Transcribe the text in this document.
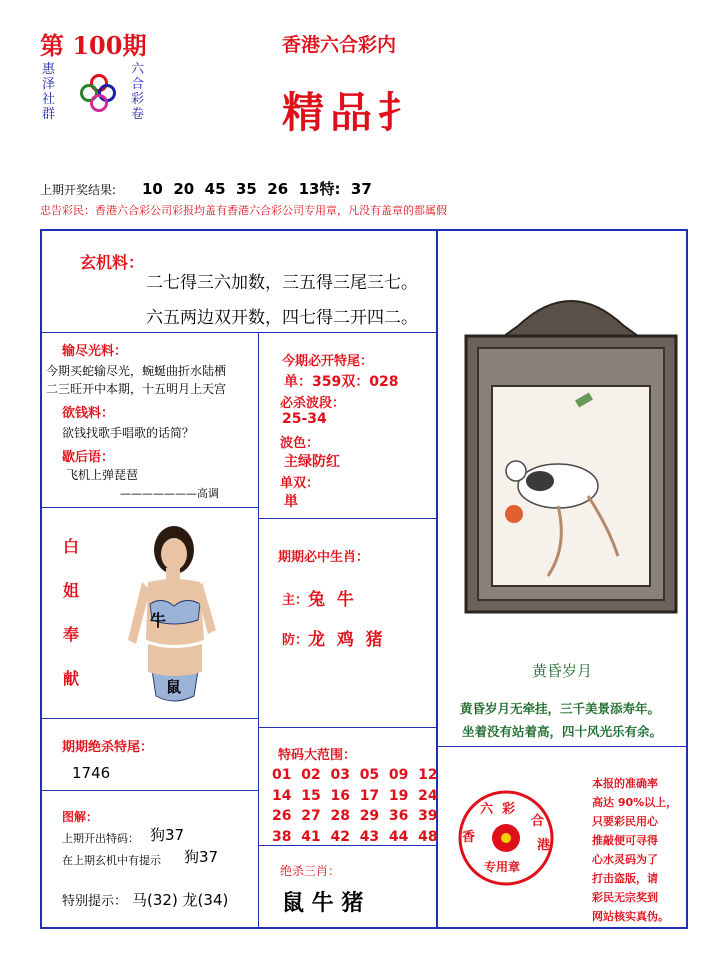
第 100期
惠
泽
社
群
六
合
彩
卷
香港六合彩内
精品扌
上期开奖结果: 10  20  45  35  26  13特:  37
忠告彩民：香港六合彩公司彩报均盖有香港六合彩公司专用章，凡没有盖章的都属假
玄机料：
二七得三六加数，三五得三尾三七。
六五两边双开数，四七得二开四二。
输尽光料：
今期买蛇输尽光，蜿蜒曲折水陆栖
二三旺开中本期，十五明月上天宫
欲钱料：
欲钱找歌手唱歌的话简？
歇后语：
飞机上弹琵琶
———————高调
白
姐
奉
献
牛
鼠
今期必开特尾：
单：359双：028
必杀波段：
25-34
波色：
主绿防红
单双：
単
期期必中生肖：
主： 兔  牛
防： 龙  鸡  猪
黄昏岁月
黄昏岁月无牵挂，三千美景添寿年。
坐着没有站着高，四十风光乐有余。
期期绝杀特尾：
1746
特码大范围：
01  02  03  05  09  12
14  15  16  17  19  24
26  27  28  29  36  39
38  41  42  43  44  48
图解：
上期开出特码： 狗37
在上期玄机中有提示 狗37
特别提示： 马(32) 龙(34)
绝杀三肖：
鼠 牛 猪
六  彩
香
合
港
专用章
本报的准确率
高达 90%以上，
只要彩民用心
推敲便可寻得
心水灵码为了
打击盗版，请
彩民无宗奖到
网站核实真伪。
